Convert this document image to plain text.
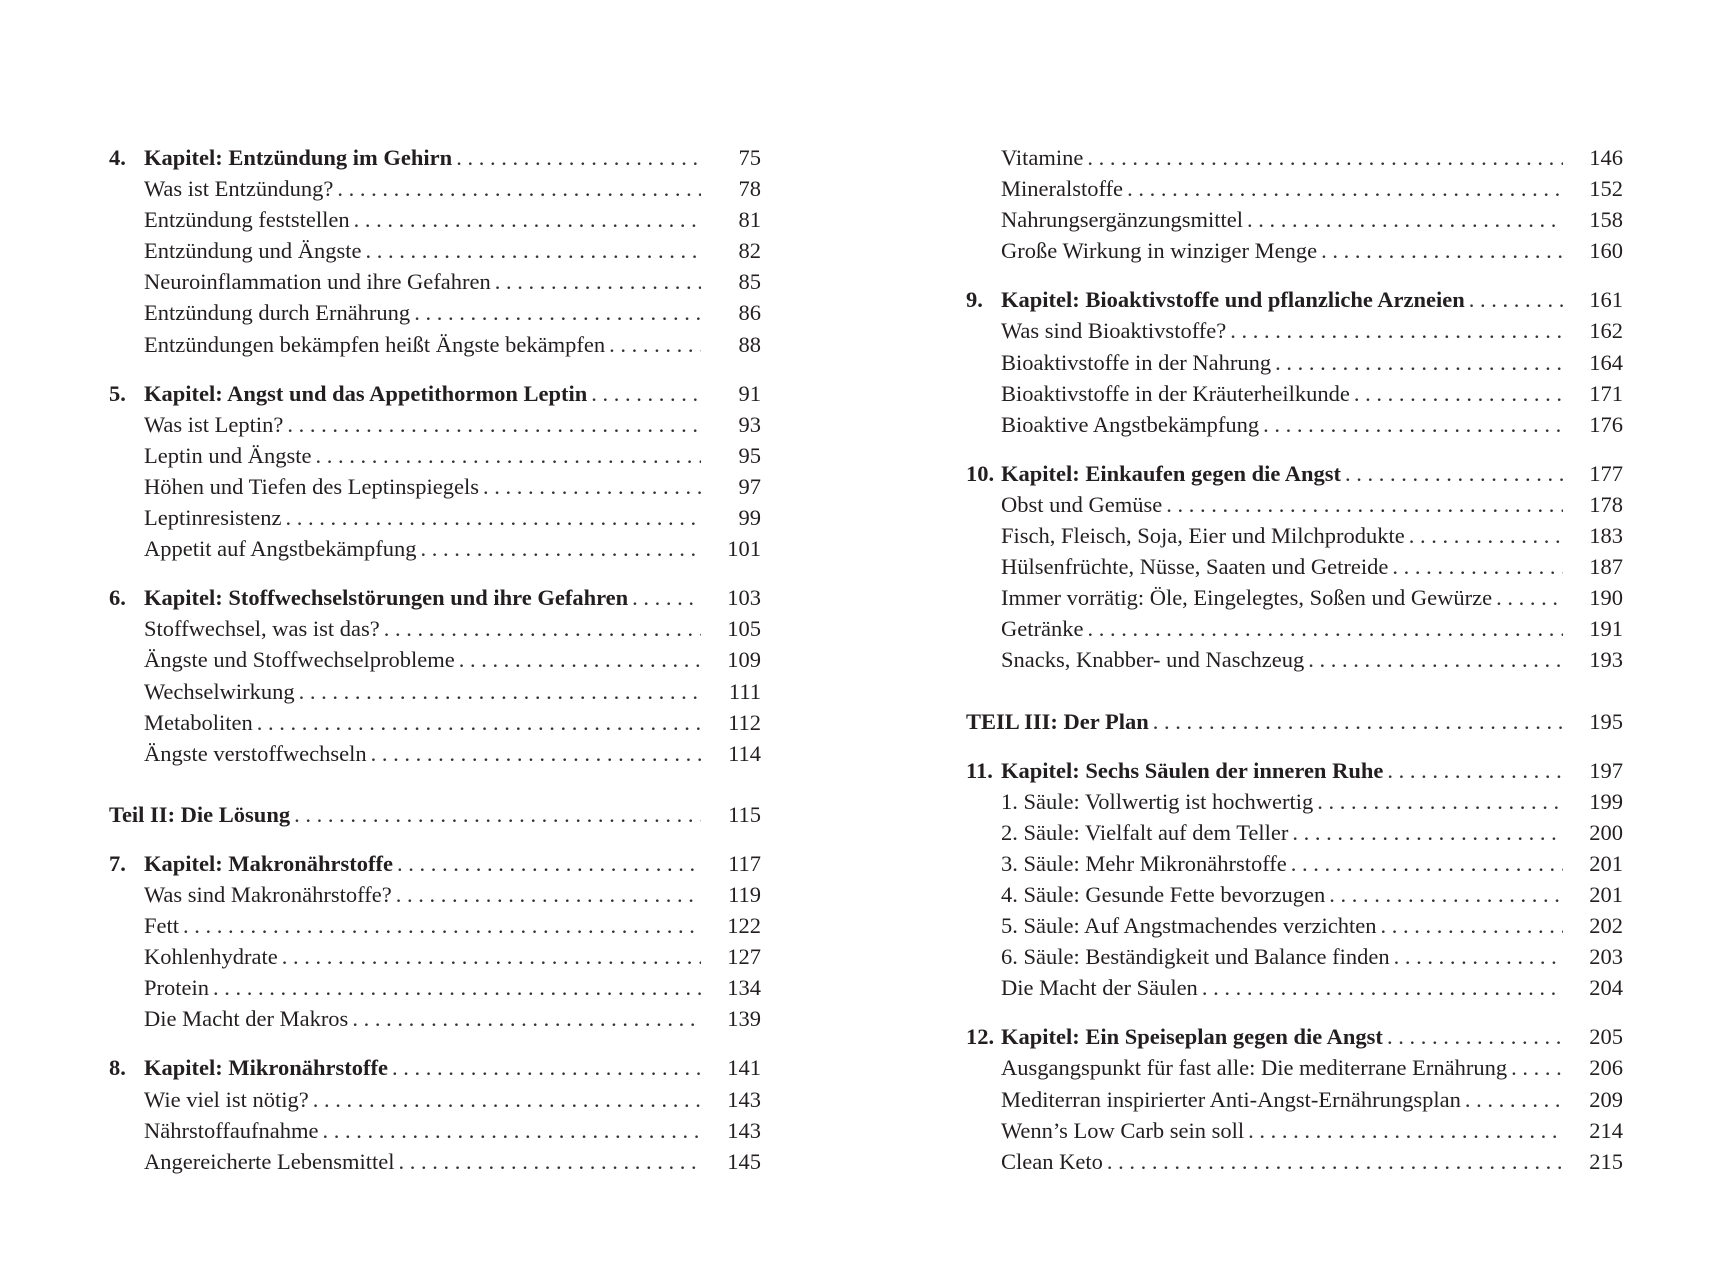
4. Kapitel: Entzündung im Gehirn . . .	75
Was ist Entzündung? . . .	78
Entzündung feststellen . . .	81
Entzündung und Ängste . . .	82
Neuroinflammation und ihre Gefahren . . .	85
Entzündung durch Ernährung . . .	86
Entzündungen bekämpfen heißt Ängste bekämpfen . . .	88
5. Kapitel: Angst und das Appetithormon Leptin . . .	91
Was ist Leptin? . . .	93
Leptin und Ängste . . .	95
Höhen und Tiefen des Leptinspiegels . . .	97
Leptinresistenz . . .	99
Appetit auf Angstbekämpfung . . .	101
6. Kapitel: Stoffwechselstörungen und ihre Gefahren . . .	103
Stoffwechsel, was ist das? . . .	105
Ängste und Stoffwechselprobleme . . .	109
Wechselwirkung . . .	111
Metaboliten . . .	112
Ängste verstoffwechseln . . .	114
Teil II: Die Lösung . . .	115
7. Kapitel: Makronährstoffe . . .	117
Was sind Makronährstoffe? . . .	119
Fett . . .	122
Kohlenhydrate . . .	127
Protein . . .	134
Die Macht der Makros . . .	139
8. Kapitel: Mikronährstoffe . . .	141
Wie viel ist nötig? . . .	143
Nährstoffaufnahme . . .	143
Angereicherte Lebensmittel . . .	145
Vitamine . . .	146
Mineralstoffe . . .	152
Nahrungsergänzungsmittel . . .	158
Große Wirkung in winziger Menge . . .	160
9. Kapitel: Bioaktivstoffe und pflanzliche Arzneien . . .	161
Was sind Bioaktivstoffe? . . .	162
Bioaktivstoffe in der Nahrung . . .	164
Bioaktivstoffe in der Kräuterheilkunde . . .	171
Bioaktive Angstbekämpfung . . .	176
10. Kapitel: Einkaufen gegen die Angst . . .	177
Obst und Gemüse . . .	178
Fisch, Fleisch, Soja, Eier und Milchprodukte . . .	183
Hülsenfrüchte, Nüsse, Saaten und Getreide . . .	187
Immer vorrätig: Öle, Eingelegtes, Soßen und Gewürze . . .	190
Getränke . . .	191
Snacks, Knabber- und Naschzeug . . .	193
TEIL III: Der Plan . . .	195
11. Kapitel: Sechs Säulen der inneren Ruhe . . .	197
1. Säule: Vollwertig ist hochwertig . . .	199
2. Säule: Vielfalt auf dem Teller . . .	200
3. Säule: Mehr Mikronährstoffe . . .	201
4. Säule: Gesunde Fette bevorzugen . . .	201
5. Säule: Auf Angstmachendes verzichten . . .	202
6. Säule: Beständigkeit und Balance finden . . .	203
Die Macht der Säulen . . .	204
12. Kapitel: Ein Speiseplan gegen die Angst . . .	205
Ausgangspunkt für fast alle: Die mediterrane Ernährung . . .	206
Mediterran inspirierter Anti-Angst-Ernährungsplan . . .	209
Wenn’s Low Carb sein soll . . .	214
Clean Keto . . .	215
